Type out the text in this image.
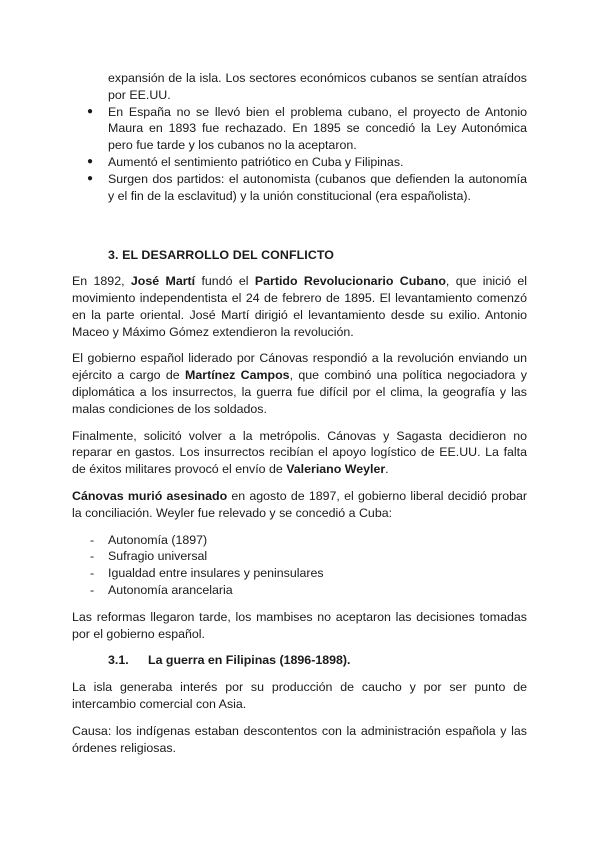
expansión de la isla. Los sectores económicos cubanos se sentían atraídos por EE.UU.

● En España no se llevó bien el problema cubano, el proyecto de Antonio Maura en 1893 fue rechazado. En 1895 se concedió la Ley Autonómica pero fue tarde y los cubanos no la aceptaron.
● Aumentó el sentimiento patriótico en Cuba y Filipinas.
● Surgen dos partidos: el autonomista (cubanos que defienden la autonomía y el fin de la esclavitud) y la unión constitucional (era españolista).
3. EL DESARROLLO DEL CONFLICTO

En 1892, José Martí fundó el Partido Revolucionario Cubano, que inició el movimiento independentista el 24 de febrero de 1895. El levantamiento comenzó en la parte oriental. José Martí dirigió el levantamiento desde su exilio. Antonio Maceo y Máximo Gómez extendieron la revolución.

El gobierno español liderado por Cánovas respondió a la revolución enviando un ejército a cargo de Martínez Campos, que combinó una política negociadora y diplomática a los insurrectos, la guerra fue difícil por el clima, la geografía y las malas condiciones de los soldados.

Finalmente, solicitó volver a la metrópolis. Cánovas y Sagasta decidieron no reparar en gastos. Los insurrectos recibían el apoyo logístico de EE.UU. La falta de éxitos militares provocó el envío de Valeriano Weyler.

Cánovas murió asesinado en agosto de 1897, el gobierno liberal decidió probar la conciliación. Weyler fue relevado y se concedió a Cuba:

- Autonomía (1897)
- Sufragio universal
- Igualdad entre insulares y peninsulares
- Autonomía arancelaria

Las reformas llegaron tarde, los mambises no aceptaron las decisiones tomadas por el gobierno español.

3.1. La guerra en Filipinas (1896-1898).

La isla generaba interés por su producción de caucho y por ser punto de intercambio comercial con Asia.

Causa: los indígenas estaban descontentos con la administración española y las órdenes religiosas.
